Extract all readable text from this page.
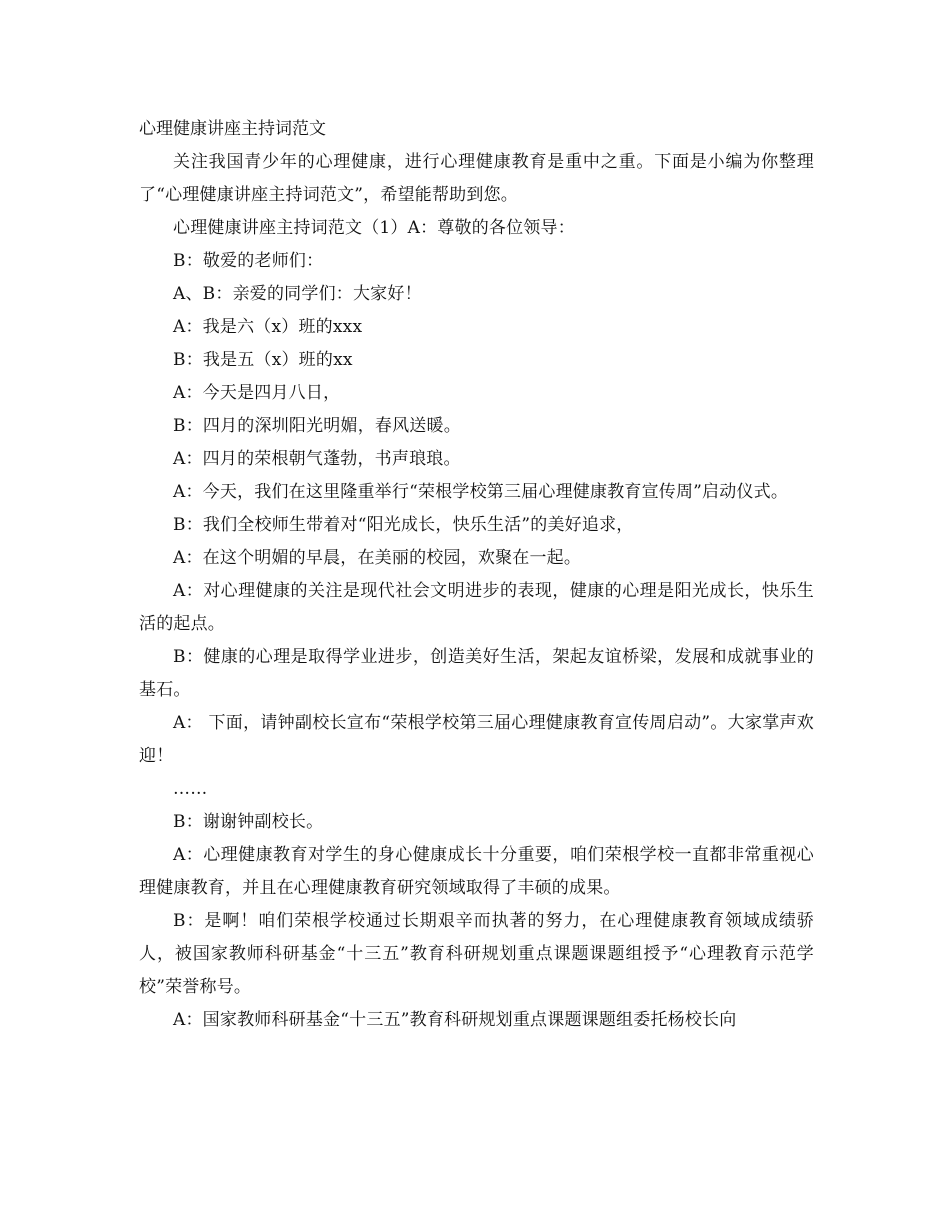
心理健康讲座主持词范文

关注我国青少年的心理健康，进行心理健康教育是重中之重。下面是小编为你整理了“心理健康讲座主持词范文”，希望能帮助到您。

心理健康讲座主持词范文（1）A：尊敬的各位领导：

B：敬爱的老师们：

A、B：亲爱的同学们：大家好！

A：我是六（x）班的xxx

B：我是五（x）班的xx

A：今天是四月八日，

B：四月的深圳阳光明媚，春风送暖。

A：四月的荣根朝气蓬勃，书声琅琅。

A：今天，我们在这里隆重举行“荣根学校第三届心理健康教育宣传周”启动仪式。

B：我们全校师生带着对“阳光成长，快乐生活”的美好追求，

A：在这个明媚的早晨，在美丽的校园，欢聚在一起。

A：对心理健康的关注是现代社会文明进步的表现，健康的心理是阳光成长，快乐生活的起点。

B：健康的心理是取得学业进步，创造美好生活，架起友谊桥梁，发展和成就事业的基石。

A： 下面，请钟副校长宣布“荣根学校第三届心理健康教育宣传周启动”。大家掌声欢迎！

……

B：谢谢钟副校长。

A：心理健康教育对学生的身心健康成长十分重要，咱们荣根学校一直都非常重视心理健康教育，并且在心理健康教育研究领域取得了丰硕的成果。

B：是啊！咱们荣根学校通过长期艰辛而执著的努力，在心理健康教育领域成绩骄人，被国家教师科研基金“十三五”教育科研规划重点课题课题组授予“心理教育示范学校”荣誉称号。

A：国家教师科研基金“十三五”教育科研规划重点课题课题组委托杨校长向
